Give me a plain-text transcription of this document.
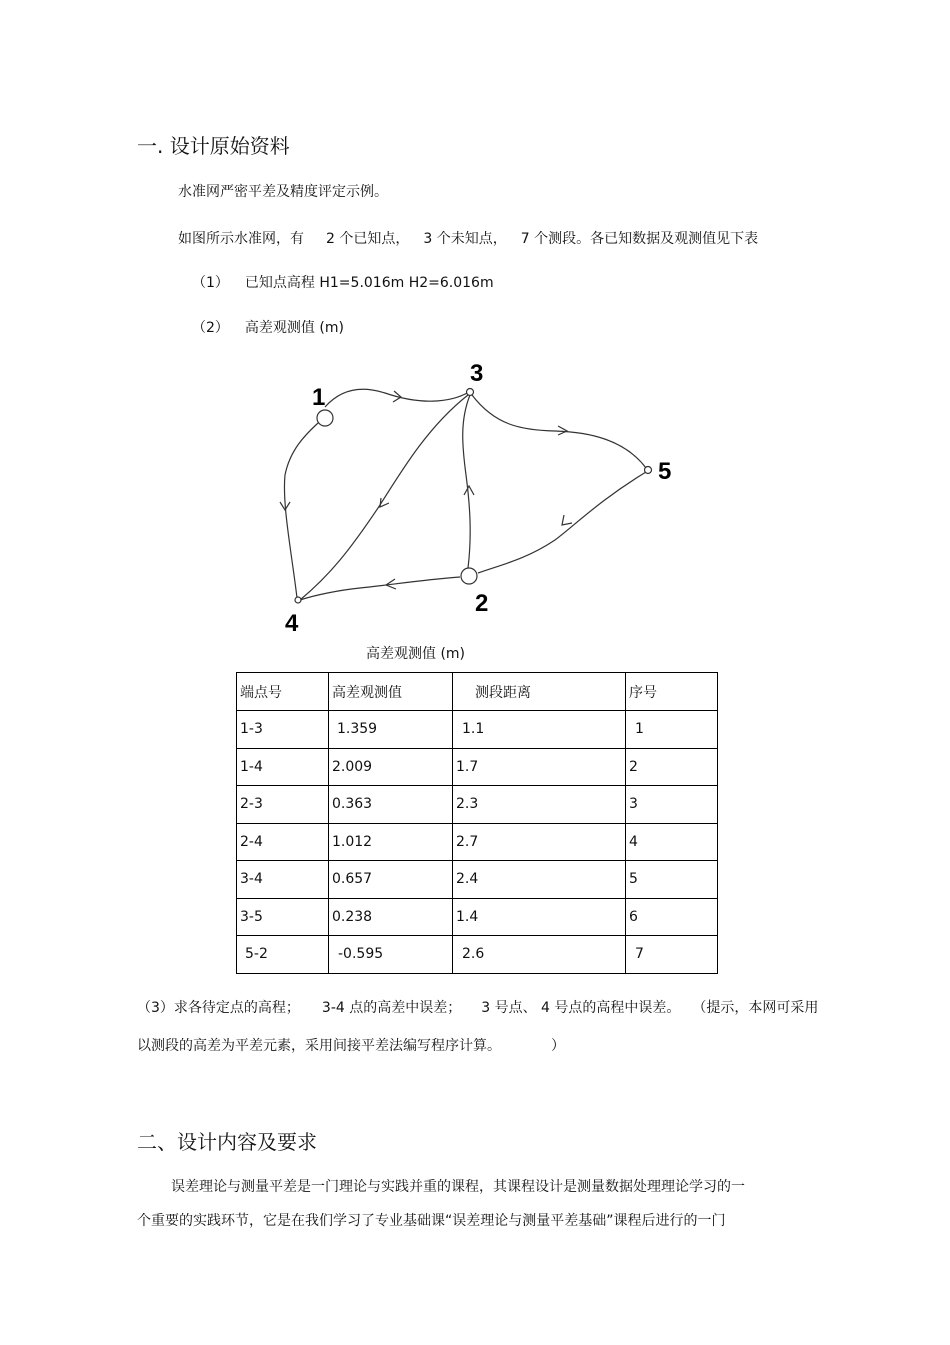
一. 设计原始资料
水准网严密平差及精度评定示例。
如图所示水准网，有 2 个已知点， 3 个未知点， 7 个测段。各已知数据及观测值见下表
（1） 已知点高程 H1=5.016m H2=6.016m
（2） 高差观测值 (m)
1
2
3
4
5
高差观测值 (m)
端点号	高差观测值	测段距离	序号
1-3	1.359	1.1	1
1-4	2.009	1.7	2
2-3	0.363	2.3	3
2-4	1.012	2.7	4
3-4	0.657	2.4	5
3-5	0.238	1.4	6
5-2	-0.595	2.6	7
（3）求各待定点的高程； 3-4 点的高差中误差； 3 号点、 4 号点的高程中误差。 （提示，本网可采用
以测段的高差为平差元素，采用间接平差法编写程序计算。	）
二、设计内容及要求
误差理论与测量平差是一门理论与实践并重的课程，其课程设计是测量数据处理理论学习的一
个重要的实践环节，它是在我们学习了专业基础课“误差理论与测量平差基础”课程后进行的一门
